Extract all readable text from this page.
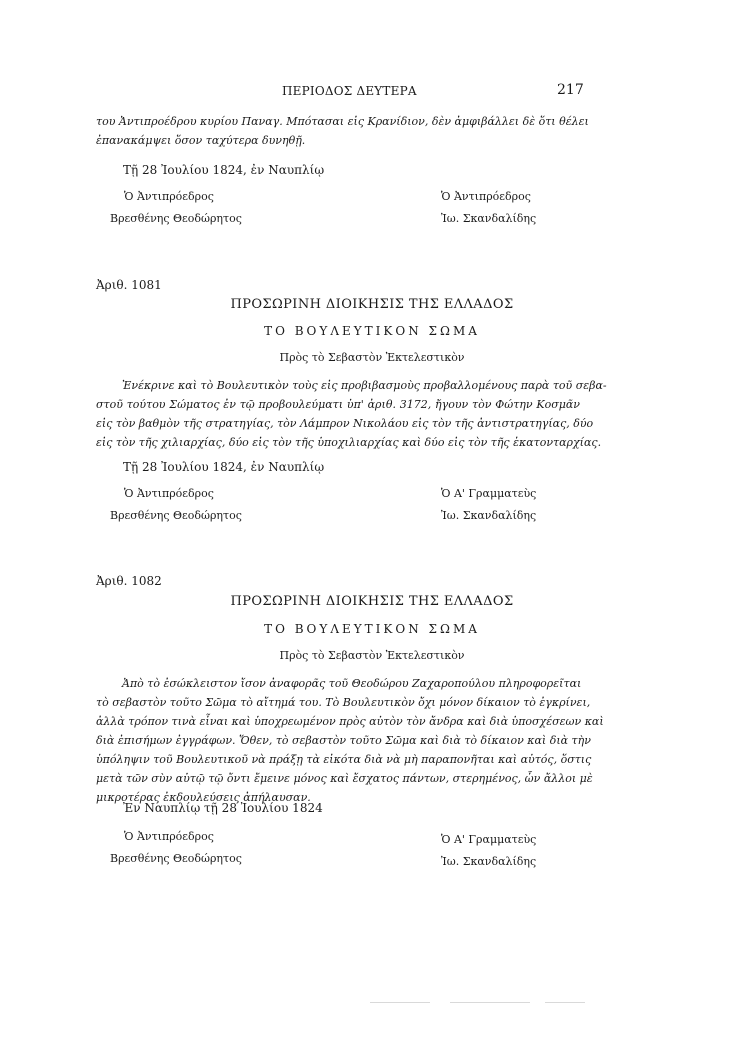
ΠΕΡΙΟΔΟΣ ΔΕΥΤΕΡΑ	217
του Ἀντιπροέδρου κυρίου Παναγ. Μπότασαι εἰς Κρανίδιον, δὲν ἀμφιβάλλει δὲ ὅτι θέλει
ἐπανακάμψει ὅσον ταχύτερα δυνηθῇ.
Τῇ 28 Ἰουλίου 1824, ἐν Ναυπλίῳ
Ὁ Ἀντιπρόεδρος
Βρεσθένης Θεοδώρητος
Ὁ Ἀντιπρόεδρος
Ἰω. Σκανδαλίδης
Ἀριθ. 1081
ΠΡΟΣΩΡΙΝΗ ΔΙΟΙΚΗΣΙΣ ΤΗΣ ΕΛΛΑΔΟΣ
ΤΟ ΒΟΥΛΕΥΤΙΚΟΝ ΣΩΜΑ
Πρὸς τὸ Σεβαστὸν Ἐκτελεστικὸν
Ἐνέκρινε καὶ τὸ Βουλευτικὸν τοὺς εἰς προβιβασμοὺς προβαλλομένους παρὰ τοῦ σεβα-
στοῦ τούτου Σώματος ἐν τῷ προβουλεύματι ὑπ' ἀριθ. 3172, ἤγουν τὸν Φώτην Κοσμᾶν
εἰς τὸν βαθμὸν τῆς στρατηγίας, τὸν Λάμπρον Νικολάου εἰς τὸν τῆς ἀντιστρατηγίας, δύο
εἰς τὸν τῆς χιλιαρχίας, δύο εἰς τὸν τῆς ὑποχιλιαρχίας καὶ δύο εἰς τὸν τῆς ἑκατονταρχίας.
Τῇ 28 Ἰουλίου 1824, ἐν Ναυπλίῳ
Ὁ Ἀντιπρόεδρος
Βρεσθένης Θεοδώρητος
Ὁ Α' Γραμματεὺς
Ἰω. Σκανδαλίδης
Ἀριθ. 1082
ΠΡΟΣΩΡΙΝΗ ΔΙΟΙΚΗΣΙΣ ΤΗΣ ΕΛΛΑΔΟΣ
ΤΟ ΒΟΥΛΕΥΤΙΚΟΝ ΣΩΜΑ
Πρὸς τὸ Σεβαστὸν Ἐκτελεστικὸν
Ἀπὸ τὸ ἐσώκλειστον ἴσον ἀναφορᾶς τοῦ Θεοδώρου Ζαχαροπούλου πληροφορεῖται
τὸ σεβαστὸν τοῦτο Σῶμα τὸ αἴτημά του. Τὸ Βουλευτικὸν ὄχι μόνον δίκαιον τὸ ἐγκρίνει,
ἀλλὰ τρόπον τινὰ εἶναι καὶ ὑποχρεωμένον πρὸς αὐτὸν τὸν ἄνδρα καὶ διὰ ὑποσχέσεων καὶ
διὰ ἐπισήμων ἐγγράφων. Ὅθεν, τὸ σεβαστὸν τοῦτο Σῶμα καὶ διὰ τὸ δίκαιον καὶ διὰ τὴν
ὑπόληψιν τοῦ Βουλευτικοῦ νὰ πράξῃ τὰ εἰκότα διὰ νὰ μὴ παραπονῆται καὶ αὐτός, ὅστις
μετὰ τῶν σὺν αὐτῷ τῷ ὄντι ἔμεινε μόνος καὶ ἔσχατος πάντων, στερημένος, ὧν ἄλλοι μὲ
μικροτέρας ἐκδουλεύσεις ἀπήλαυσαν.
Ἐν Ναυπλίῳ τῇ 28 Ἰουλίου 1824
Ὁ Ἀντιπρόεδρος
Βρεσθένης Θεοδώρητος
Ὁ Α' Γραμματεὺς
Ἰω. Σκανδαλίδης
